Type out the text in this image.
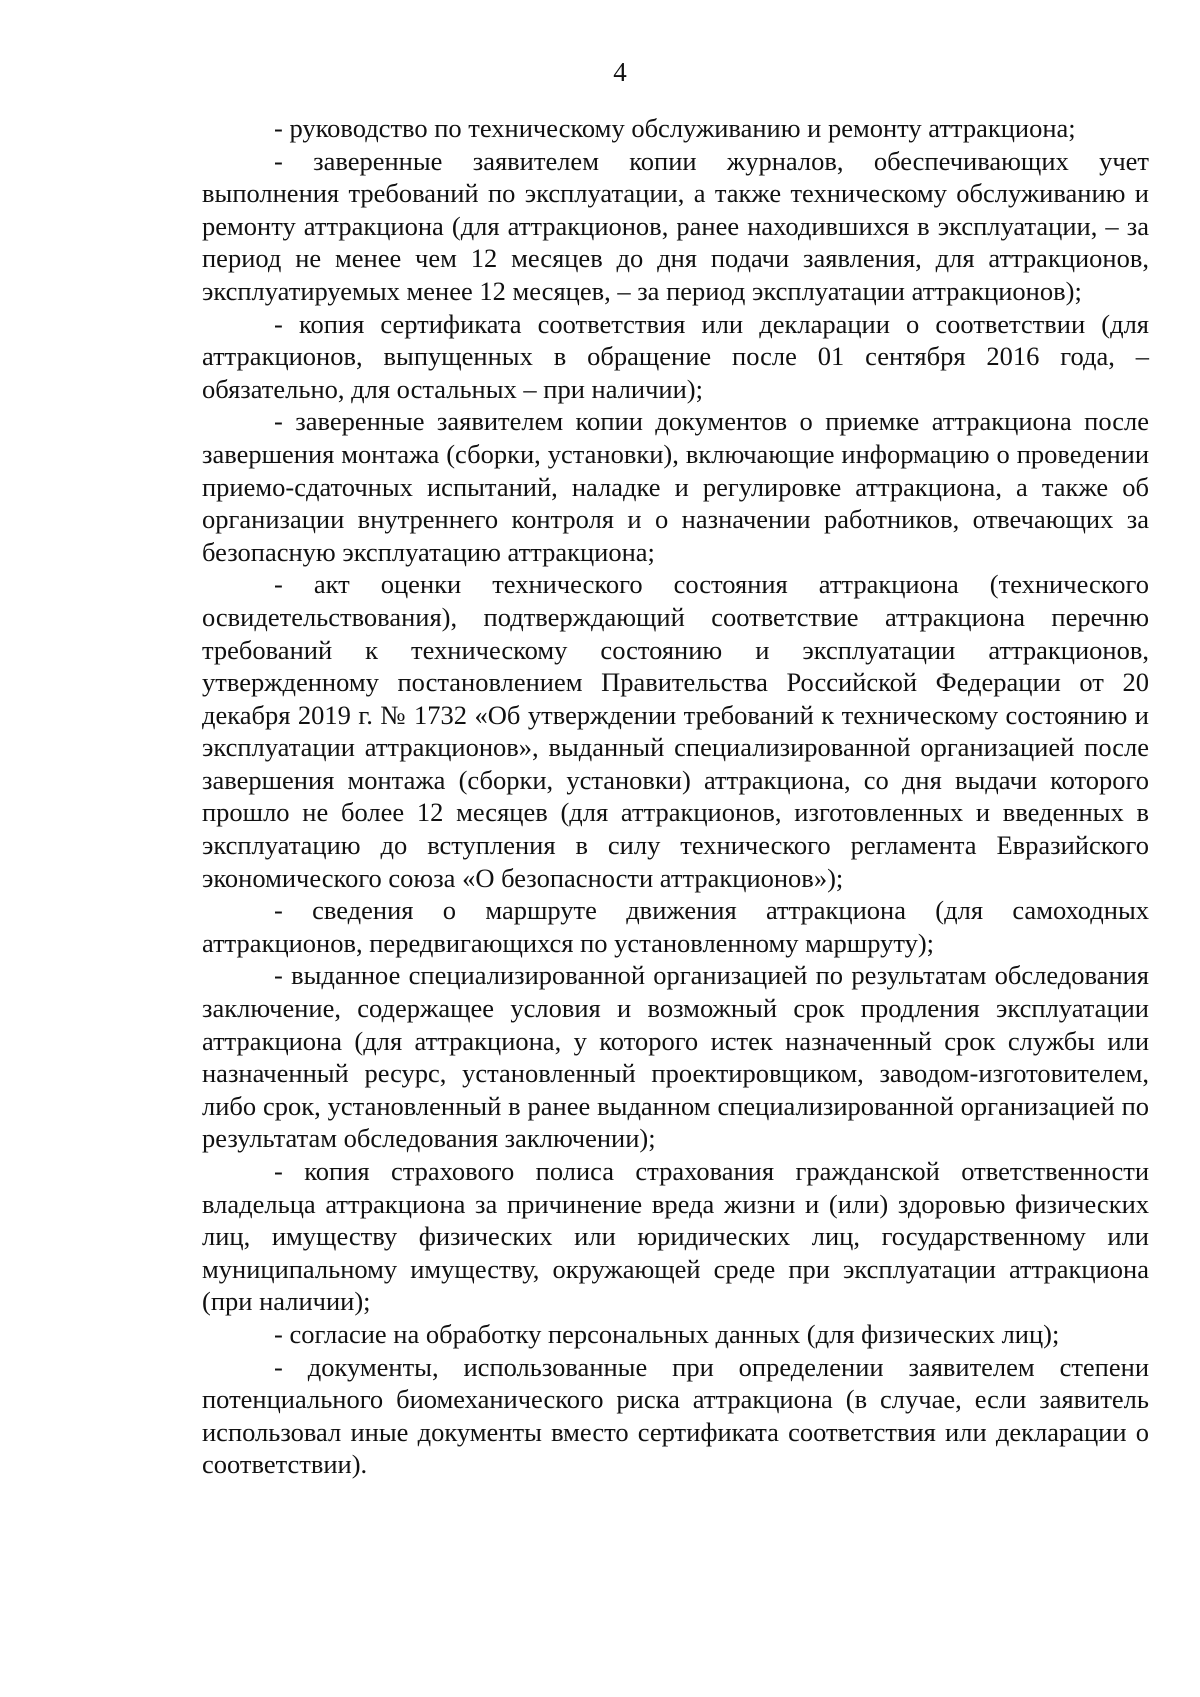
4

- руководство по техническому обслуживанию и ремонту аттракциона;

- заверенные заявителем копии журналов, обеспечивающих учет выполнения требований по эксплуатации, а также техническому обслуживанию и ремонту аттракциона (для аттракционов, ранее находившихся в эксплуатации, – за период не менее чем 12 месяцев до дня подачи заявления, для аттракционов, эксплуатируемых менее 12 месяцев, – за период эксплуатации аттракционов);

- копия сертификата соответствия или декларации о соответствии (для аттракционов, выпущенных в обращение после 01 сентября 2016 года, – обязательно, для остальных – при наличии);

- заверенные заявителем копии документов о приемке аттракциона после завершения монтажа (сборки, установки), включающие информацию о проведении приемо-сдаточных испытаний, наладке и регулировке аттракциона, а также об организации внутреннего контроля и о назначении работников, отвечающих за безопасную эксплуатацию аттракциона;

- акт оценки технического состояния аттракциона (технического освидетельствования), подтверждающий соответствие аттракциона перечню требований к техническому состоянию и эксплуатации аттракционов, утвержденному постановлением Правительства Российской Федерации от 20 декабря 2019 г. № 1732 «Об утверждении требований к техническому состоянию и эксплуатации аттракционов», выданный специализированной организацией после завершения монтажа (сборки, установки) аттракциона, со дня выдачи которого прошло не более 12 месяцев (для аттракционов, изготовленных и введенных в эксплуатацию до вступления в силу технического регламента Евразийского экономического союза «О безопасности аттракционов»);

- сведения о маршруте движения аттракциона (для самоходных аттракционов, передвигающихся по установленному маршруту);

- выданное специализированной организацией по результатам обследования заключение, содержащее условия и возможный срок продления эксплуатации аттракциона (для аттракциона, у которого истек назначенный срок службы или назначенный ресурс, установленный проектировщиком, заводом-изготовителем, либо срок, установленный в ранее выданном специализированной организацией по результатам обследования заключении);

- копия страхового полиса страхования гражданской ответственности владельца аттракциона за причинение вреда жизни и (или) здоровью физических лиц, имуществу физических или юридических лиц, государственному или муниципальному имуществу, окружающей среде при эксплуатации аттракциона (при наличии);

- согласие на обработку персональных данных (для физических лиц);

- документы, использованные при определении заявителем степени потенциального биомеханического риска аттракциона (в случае, если заявитель использовал иные документы вместо сертификата соответствия или декларации о соответствии).
